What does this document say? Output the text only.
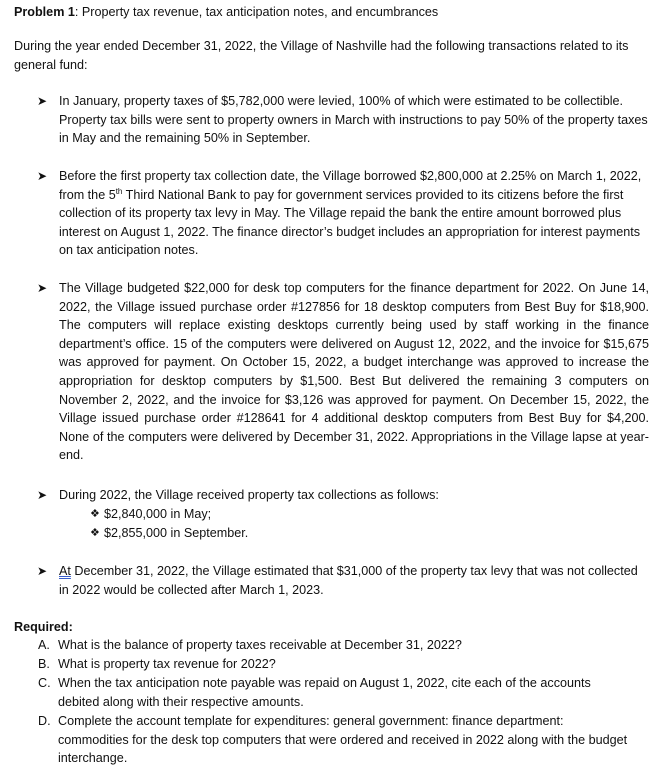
Problem 1: Property tax revenue, tax anticipation notes, and encumbrances
During the year ended December 31, 2022, the Village of Nashville had the following transactions related to its general fund:
➤ In January, property taxes of $5,782,000 were levied, 100% of which were estimated to be collectible. Property tax bills were sent to property owners in March with instructions to pay 50% of the property taxes in May and the remaining 50% in September.
➤ Before the first property tax collection date, the Village borrowed $2,800,000 at 2.25% on March 1, 2022, from the 5th Third National Bank to pay for government services provided to its citizens before the first collection of its property tax levy in May. The Village repaid the bank the entire amount borrowed plus interest on August 1, 2022. The finance director’s budget includes an appropriation for interest payments on tax anticipation notes.
➤ The Village budgeted $22,000 for desk top computers for the finance department for 2022. On June 14, 2022, the Village issued purchase order #127856 for 18 desktop computers from Best Buy for $18,900. The computers will replace existing desktops currently being used by staff working in the finance department’s office. 15 of the computers were delivered on August 12, 2022, and the invoice for $15,675 was approved for payment. On October 15, 2022, a budget interchange was approved to increase the appropriation for desktop computers by $1,500. Best But delivered the remaining 3 computers on November 2, 2022, and the invoice for $3,126 was approved for payment. On December 15, 2022, the Village issued purchase order #128641 for 4 additional desktop computers from Best Buy for $4,200. None of the computers were delivered by December 31, 2022. Appropriations in the Village lapse at year-end.
➤ During 2022, the Village received property tax collections as follows:
❖ $2,840,000 in May;
❖ $2,855,000 in September.
➤ At December 31, 2022, the Village estimated that $31,000 of the property tax levy that was not collected in 2022 would be collected after March 1, 2023.
Required:
A. What is the balance of property taxes receivable at December 31, 2022?
B. What is property tax revenue for 2022?
C. When the tax anticipation note payable was repaid on August 1, 2022, cite each of the accounts debited along with their respective amounts.
D. Complete the account template for expenditures: general government: finance department: commodities for the desk top computers that were ordered and received in 2022 along with the budget interchange.
